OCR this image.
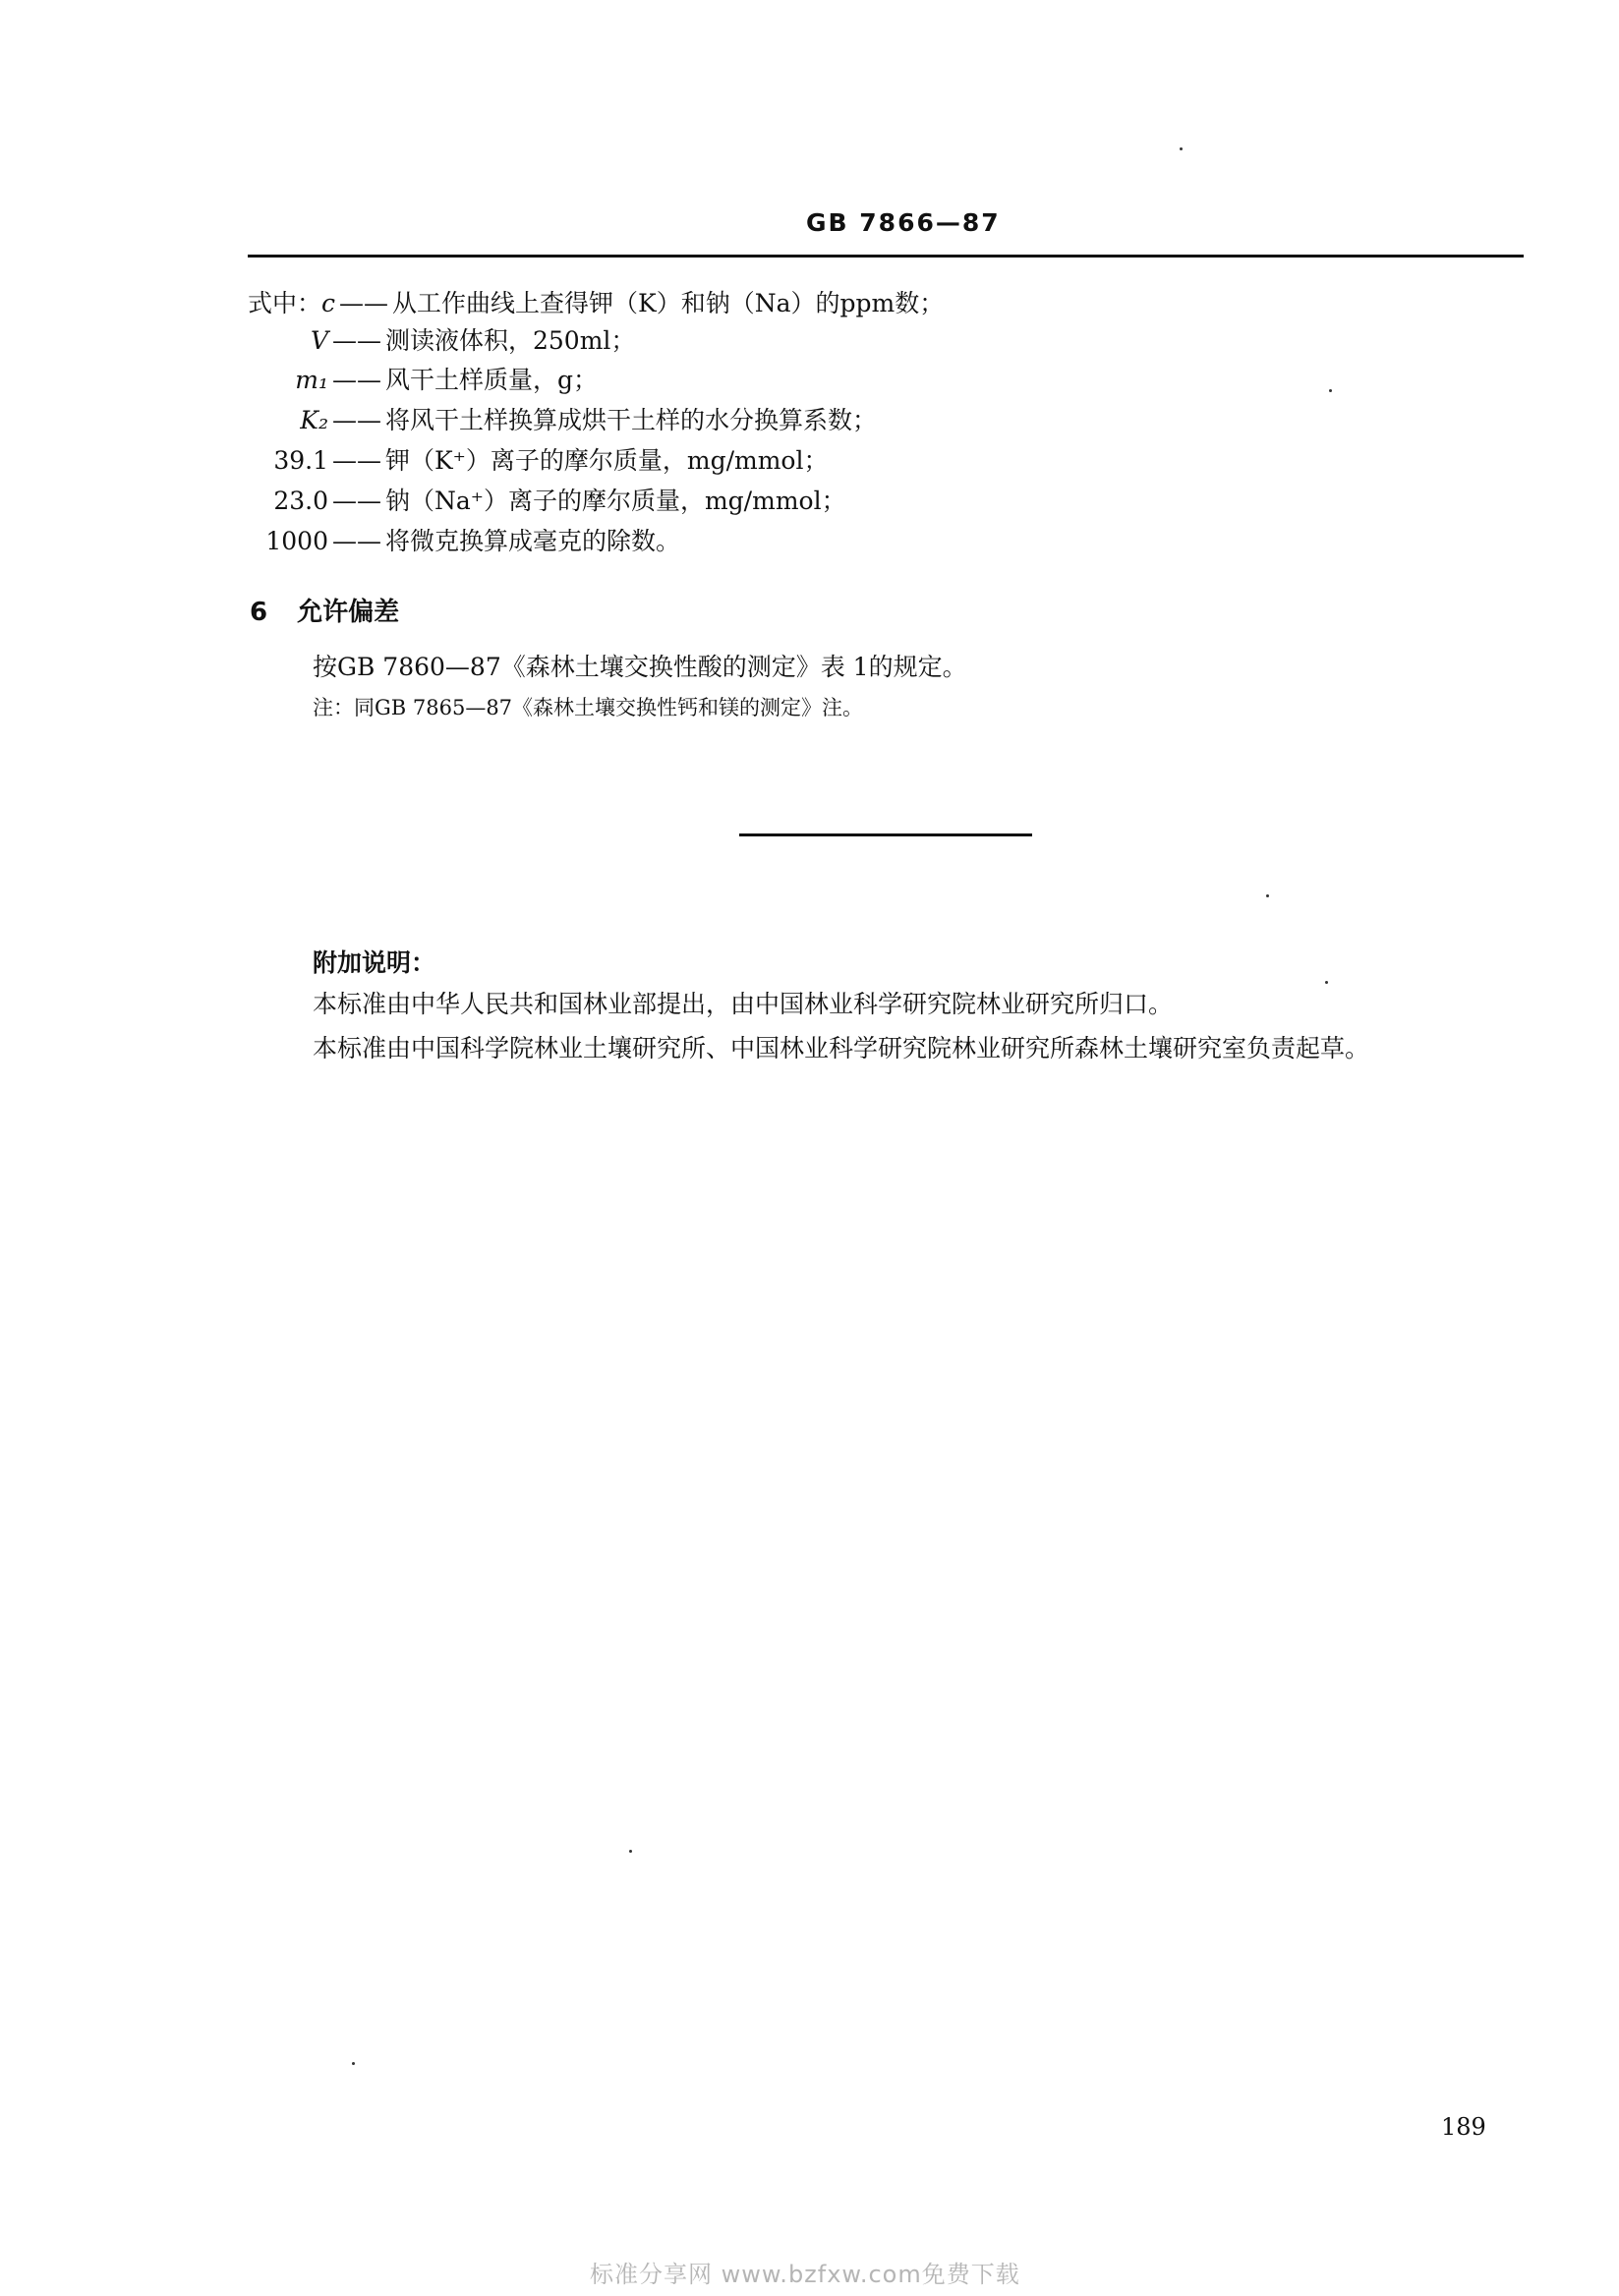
GB 7866—87
式中：c —— 从工作曲线上查得钾（K）和钠（Na）的ppm数；
V —— 测读液体积，250ml；
m₁ —— 风干土样质量，g；
K₂ —— 将风干土样换算成烘干土样的水分换算系数；
39.1 —— 钾（K⁺）离子的摩尔质量，mg/mmol；
23.0 —— 钠（Na⁺）离子的摩尔质量，mg/mmol；
1000 —— 将微克换算成毫克的除数。
6 允许偏差
按GB 7860—87《森林土壤交换性酸的测定》表 1的规定。
注：同GB 7865—87《森林土壤交换性钙和镁的测定》注。
附加说明：
本标准由中华人民共和国林业部提出，由中国林业科学研究院林业研究所归口。
本标准由中国科学院林业土壤研究所、中国林业科学研究院林业研究所森林土壤研究室负责起草。
189
标准分享网 www.bzfxw.com免费下载
